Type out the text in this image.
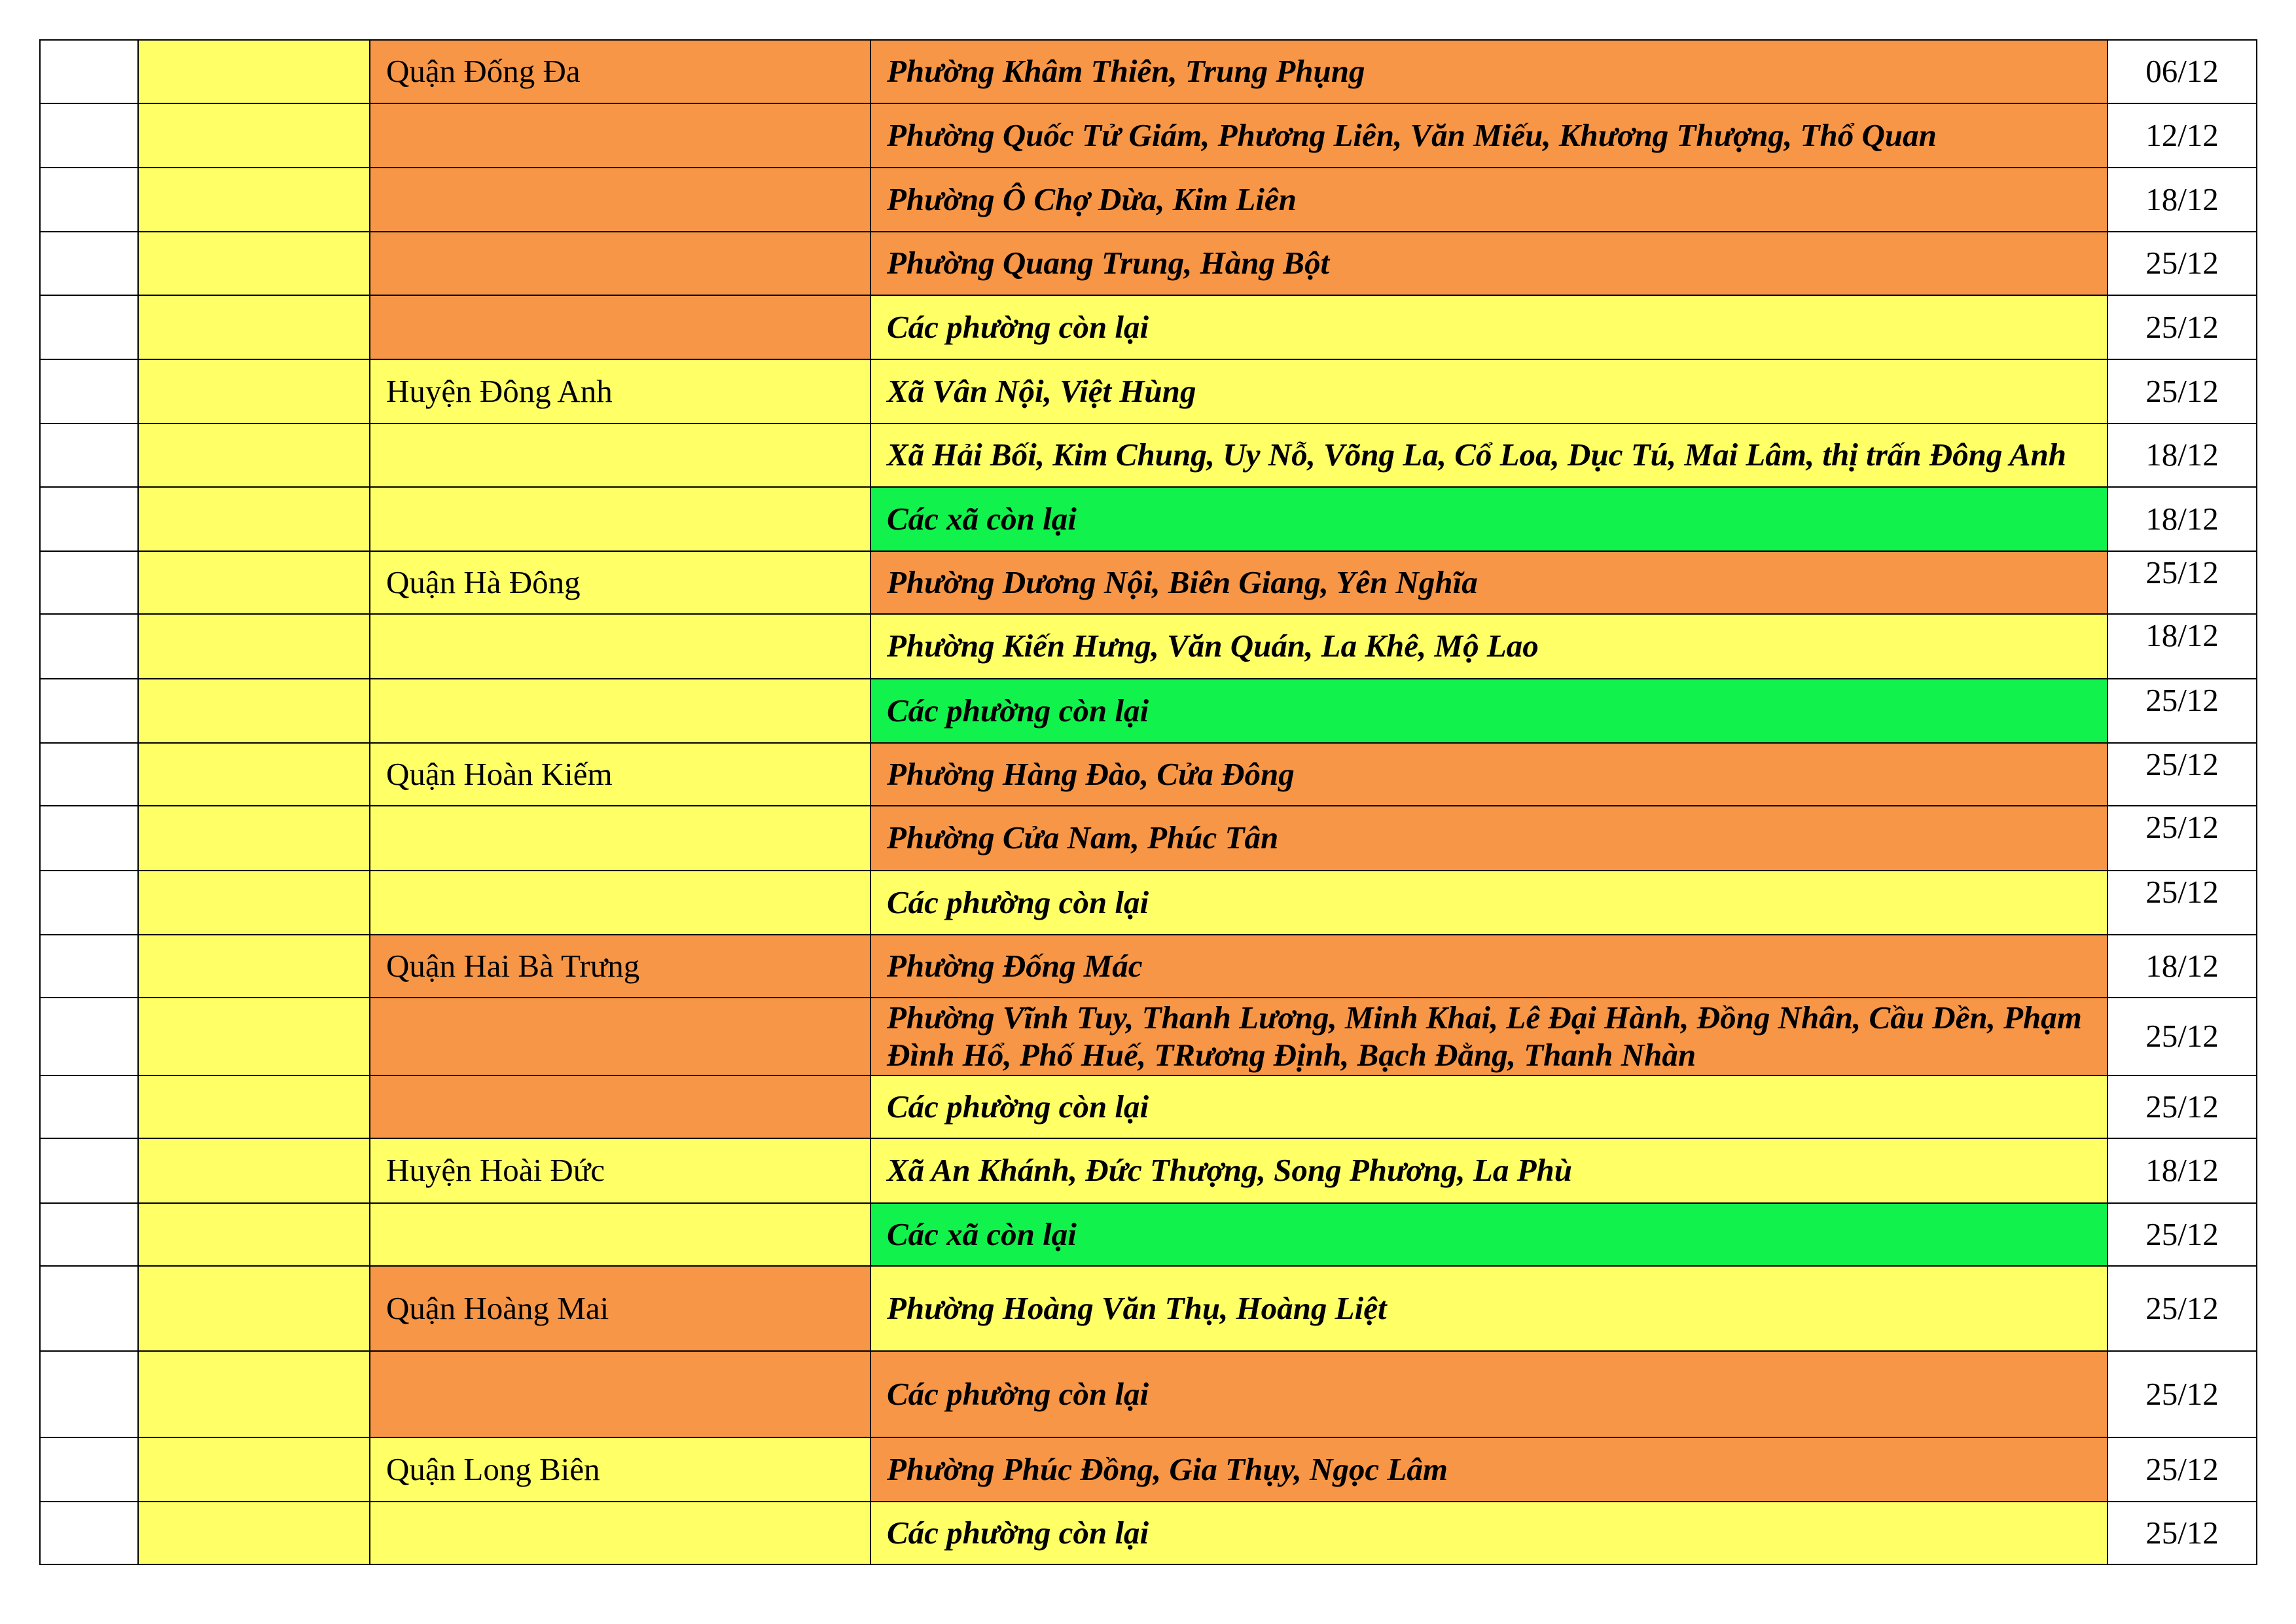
		Quận Đống Đa	Phường Khâm Thiên, Trung Phụng	06/12
			Phường Quốc Tử Giám, Phương Liên, Văn Miếu, Khương Thượng, Thổ Quan	12/12
			Phường Ô Chợ Dừa, Kim Liên	18/12
			Phường Quang Trung, Hàng Bột	25/12
			Các phường còn lại	25/12
		Huyện Đông Anh	Xã Vân Nội, Việt Hùng	25/12
			Xã Hải Bối, Kim Chung, Uy Nỗ, Võng La, Cổ Loa, Dục Tú, Mai Lâm, thị trấn Đông Anh	18/12
			Các xã còn lại	18/12
		Quận Hà Đông	Phường Dương Nội, Biên Giang, Yên Nghĩa	25/12
			Phường Kiến Hưng, Văn Quán, La Khê, Mộ Lao	18/12
			Các phường còn lại	25/12
		Quận Hoàn Kiếm	Phường Hàng Đào, Cửa Đông	25/12
			Phường Cửa Nam, Phúc Tân	25/12
			Các phường còn lại	25/12
		Quận Hai Bà Trưng	Phường Đống Mác	18/12
			Phường Vĩnh Tuy, Thanh Lương, Minh Khai, Lê Đại Hành, Đồng Nhân, Cầu Dền, Phạm Đình Hổ, Phố Huế, TRương Định, Bạch Đằng, Thanh Nhàn	25/12
			Các phường còn lại	25/12
		Huyện Hoài Đức	Xã An Khánh, Đức Thượng, Song Phương, La Phù	18/12
			Các xã còn lại	25/12
		Quận Hoàng Mai	Phường Hoàng Văn Thụ, Hoàng Liệt	25/12
			Các phường còn lại	25/12
		Quận Long Biên	Phường Phúc Đồng, Gia Thụy, Ngọc Lâm	25/12
			Các phường còn lại	25/12
